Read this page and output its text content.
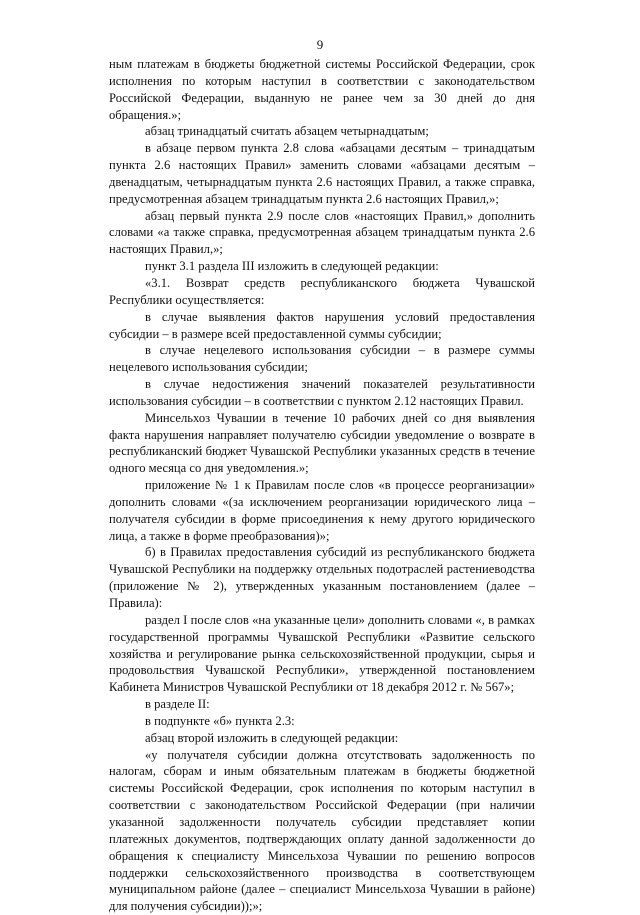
9

ным платежам в бюджеты бюджетной системы Российской Федерации, срок исполнения по которым наступил в соответствии с законодательством Российской Федерации, выданную не ранее чем за 30 дней до дня обращения.»;

абзац тринадцатый считать абзацем четырнадцатым;

в абзаце первом пункта 2.8 слова «абзацами десятым – тринадцатым пункта 2.6 настоящих Правил» заменить словами «абзацами десятым – двенадцатым, четырнадцатым пункта 2.6 настоящих Правил, а также справка, предусмотренная абзацем тринадцатым пункта 2.6 настоящих Правил,»;

абзац первый пункта 2.9 после слов «настоящих Правил,» дополнить словами «а также справка, предусмотренная абзацем тринадцатым пункта 2.6 настоящих Правил,»;

пункт 3.1 раздела III изложить в следующей редакции:

«3.1. Возврат средств республиканского бюджета Чувашской Республики осуществляется:

в случае выявления фактов нарушения условий предоставления субсидии – в размере всей предоставленной суммы субсидии;

в случае нецелевого использования субсидии – в размере суммы нецелевого использования субсидии;

в случае недостижения значений показателей результативности использования субсидии – в соответствии с пунктом 2.12 настоящих Правил.

Минсельхоз Чувашии в течение 10 рабочих дней со дня выявления факта нарушения направляет получателю субсидии уведомление о возврате в республиканский бюджет Чувашской Республики указанных средств в течение одного месяца со дня уведомления.»;

приложение № 1 к Правилам после слов «в процессе реорганизации» дополнить словами «(за исключением реорганизации юридического лица – получателя субсидии в форме присоединения к нему другого юридического лица, а также в форме преобразования)»;

б) в Правилах предоставления субсидий из республиканского бюджета Чувашской Республики на поддержку отдельных подотраслей растениеводства (приложение № 2), утвержденных указанным постановлением (далее – Правила):

раздел I после слов «на указанные цели» дополнить словами «, в рамках государственной программы Чувашской Республики «Развитие сельского хозяйства и регулирование рынка сельскохозяйственной продукции, сырья и продовольствия Чувашской Республики», утвержденной постановлением Кабинета Министров Чувашской Республики от 18 декабря 2012 г. № 567»;

в разделе II:

в подпункте «б» пункта 2.3:

абзац второй изложить в следующей редакции:

«у получателя субсидии должна отсутствовать задолженность по налогам, сборам и иным обязательным платежам в бюджеты бюджетной системы Российской Федерации, срок исполнения по которым наступил в соответствии с законодательством Российской Федерации (при наличии указанной задолженности получатель субсидии представляет копии платежных документов, подтверждающих оплату данной задолженности до обращения к специалисту Минсельхоза Чувашии по решению вопросов поддержки сельскохозяйственного производства в соответствующем муниципальном районе (далее – специалист Минсельхоза Чувашии в районе) для получения субсидии));»;
